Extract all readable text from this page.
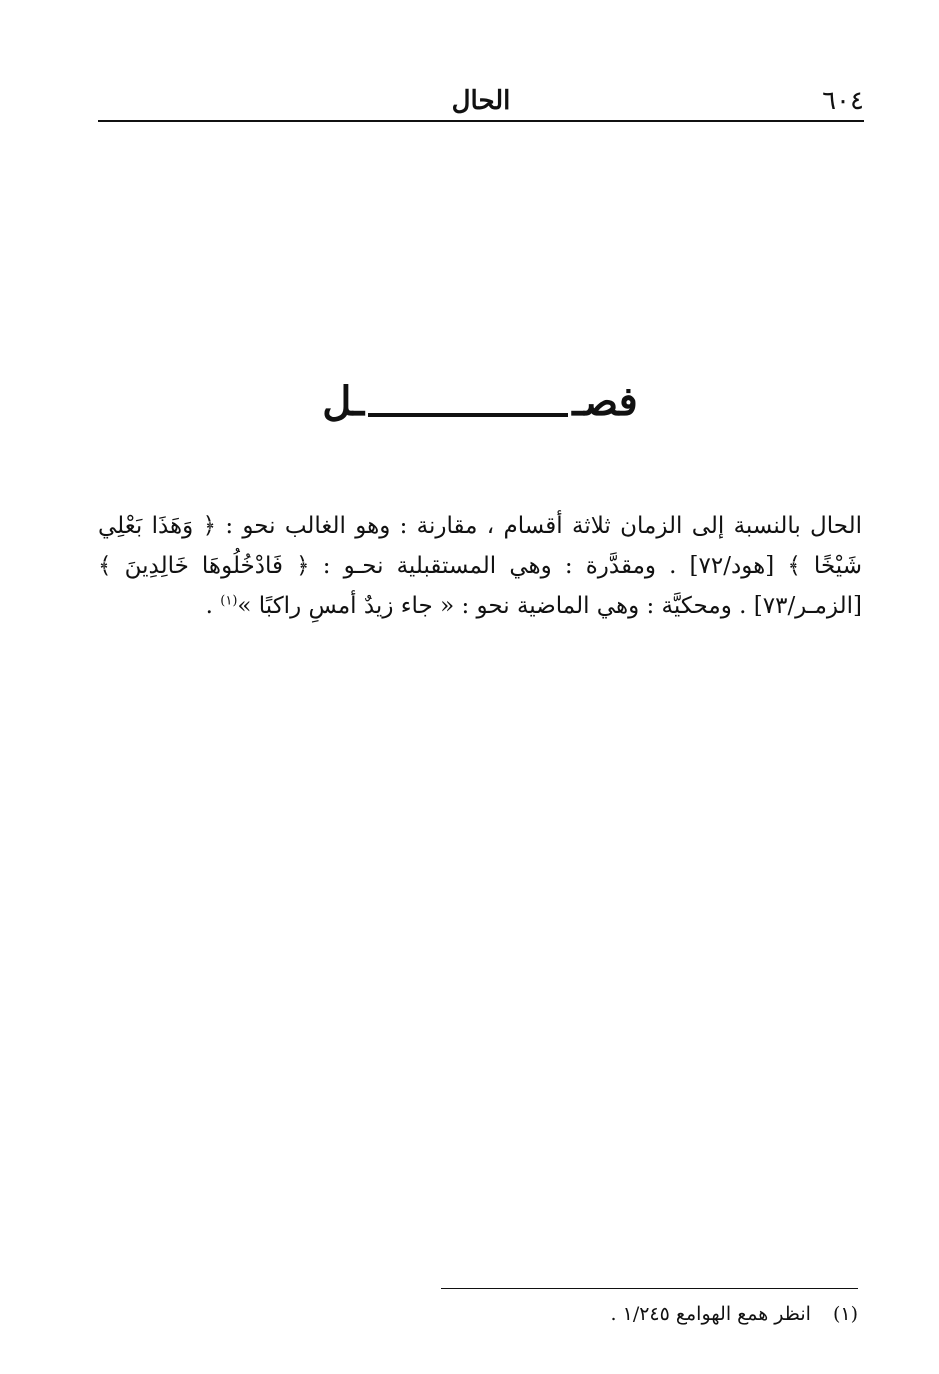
٦٠٤
الحال
فصــل

الحال بالنسبة إلى الزمان ثلاثة أقسام ، مقارنة : وهو الغالب نحو : ﴿ وَهَذَا بَعْلِي شَيْخًا ﴾ [هود/٧٢] . ومقدَّرة : وهي المستقبلية نحـو : ﴿ فَادْخُلُوهَا خَالِدِينَ ﴾ [الزمـر/٧٣] . ومحكيَّة : وهي الماضية نحو : « جاء زيدٌ أمسِ راكبًا »$^{(١)}$ .

(١)انظر همع الهوامع ١/٢٤٥ .
